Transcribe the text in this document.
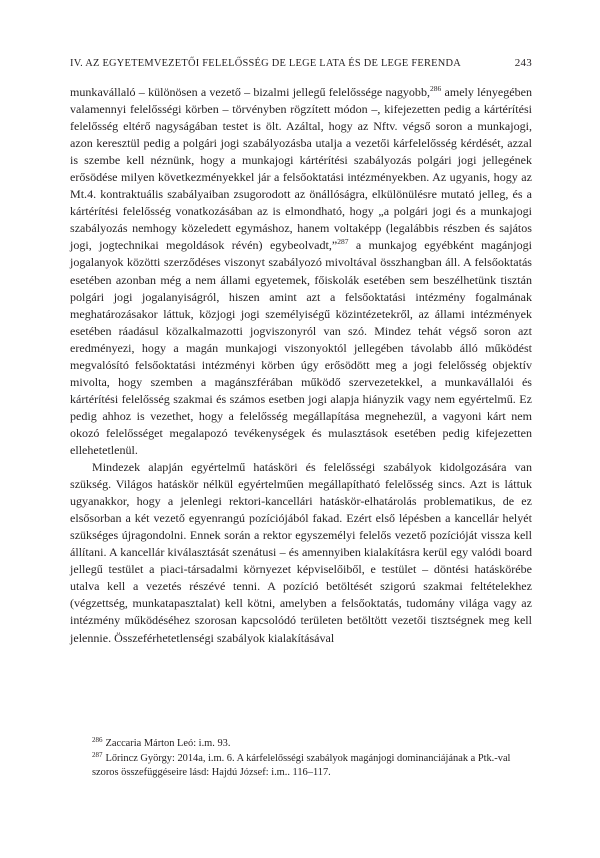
IV. AZ EGYETEMVEZETŐI FELELŐSSÉG DE LEGE LATA ÉS DE LEGE FERENDA	243

munkavállaló – különösen a vezető – bizalmi jellegű felelőssége nagyobb,$^{286}$ amely lényegében valamennyi felelősségi körben – törvényben rögzített módon –, kifejezetten pedig a kártérítési felelősség eltérő nagyságában testet is ölt. Azáltal, hogy az Nftv. végső soron a munkajogi, azon keresztül pedig a polgári jogi szabályozásba utalja a vezetői kárfelelősség kérdését, azzal is szembe kell néznünk, hogy a munkajogi kártérítési szabályozás polgári jogi jellegének erősödése milyen következményekkel jár a felsőoktatási intézményekben. Az ugyanis, hogy az Mt.4. kontraktuális szabályaiban zsugorodott az önállóságra, elkülönülésre mutató jelleg, és a kártérítési felelősség vonatkozásában az is elmondható, hogy „a polgári jogi és a munkajogi szabályozás nemhogy közeledett egymáshoz, hanem voltaképp (legalábbis részben és sajátos jogi, jogtechnikai megoldások révén) egybeolvadt,”$^{287}$ a munkajog egyébként magánjogi jogalanyok közötti szerződéses viszonyt szabályozó mivoltával összhangban áll. A felsőoktatás esetében azonban még a nem állami egyetemek, főiskolák esetében sem beszélhetünk tisztán polgári jogi jogalanyiságról, hiszen amint azt a felsőoktatási intézmény fogalmának meghatározásakor láttuk, közjogi jogi személyiségű közintézetekről, az állami intézmények esetében ráadásul közalkalmazotti jogviszonyról van szó. Mindez tehát végső soron azt eredményezi, hogy a magán munkajogi viszonyoktól jellegében távolabb álló működést megvalósító felsőoktatási intézményi körben úgy erősödött meg a jogi felelősség objektív mivolta, hogy szemben a magánszférában működő szervezetekkel, a munkavállalói és kártérítési felelősség szakmai és számos esetben jogi alapja hiányzik vagy nem egyértelmű. Ez pedig ahhoz is vezethet, hogy a felelősség megállapítása megnehezül, a vagyoni kárt nem okozó felelősséget megalapozó tevékenységek és mulasztások esetében pedig kifejezetten ellehetetlenül.

Mindezek alapján egyértelmű hatásköri és felelősségi szabályok kidolgozására van szükség. Világos hatáskör nélkül egyértelműen megállapítható felelősség sincs. Azt is láttuk ugyanakkor, hogy a jelenlegi rektori-kancellári hatáskör-elhatárolás problematikus, de ez elsősorban a két vezető egyenrangú pozíciójából fakad. Ezért első lépésben a kancellár helyét szükséges újragondolni. Ennek során a rektor egyszemélyi felelős vezető pozícióját vissza kell állítani. A kancellár kiválasztását szenátusi – és amennyiben kialakításra kerül egy valódi board jellegű testület a piaci-társadalmi környezet képviselőiből, e testület – döntési hatáskörébe utalva kell a vezetés részévé tenni. A pozíció betöltését szigorú szakmai feltételekhez (végzettség, munkatapasztalat) kell kötni, amelyben a felsőoktatás, tudomány világa vagy az intézmény működéséhez szorosan kapcsolódó területen betöltött vezetői tisztségnek meg kell jelennie. Összeférhetetlenségi szabályok kialakításával

$^{286}$ Zaccaria Márton Leó: i.m. 93.

$^{287}$ Lőrincz György: 2014a, i.m. 6. A kárfelelősségi szabályok magánjogi dominanciájának a Ptk.-val szoros összefüggéseire lásd: Hajdú József: i.m.. 116–117.
